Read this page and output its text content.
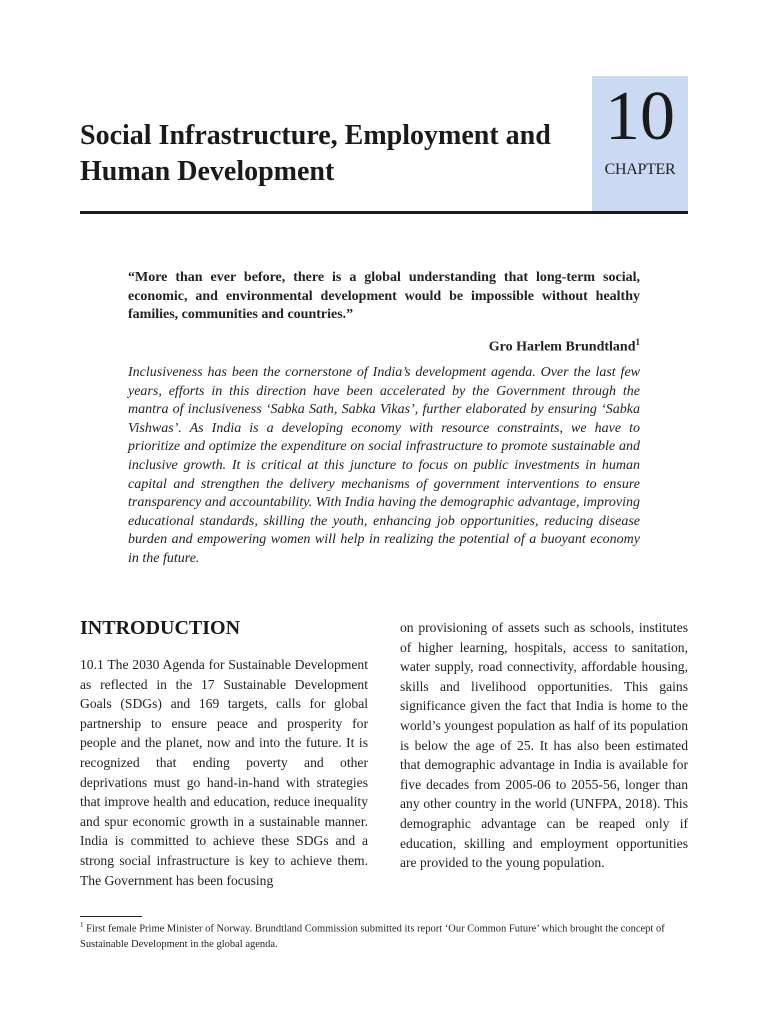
10
CHAPTER
Social Infrastructure, Employment and Human Development
“More than ever before, there is a global understanding that long-term social, economic, and environmental development would be impossible without healthy families, communities and countries.”
Gro Harlem Brundtland$^1$
Inclusiveness has been the cornerstone of India’s development agenda. Over the last few years, efforts in this direction have been accelerated by the Government through the mantra of inclusiveness ‘Sabka Sath, Sabka Vikas’, further elaborated by ensuring ‘Sabka Vishwas’. As India is a developing economy with resource constraints, we have to prioritize and optimize the expenditure on social infrastructure to promote sustainable and inclusive growth. It is critical at this juncture to focus on public investments in human capital and strengthen the delivery mechanisms of government interventions to ensure transparency and accountability. With India having the demographic advantage, improving educational standards, skilling the youth, enhancing job opportunities, reducing disease burden and empowering women will help in realizing the potential of a buoyant economy in the future.
INTRODUCTION
10.1 The 2030 Agenda for Sustainable Development as reflected in the 17 Sustainable Development Goals (SDGs) and 169 targets, calls for global partnership to ensure peace and prosperity for people and the planet, now and into the future. It is recognized that ending poverty and other deprivations must go hand-in-hand with strategies that improve health and education, reduce inequality and spur economic growth in a sustainable manner. India is committed to achieve these SDGs and a strong social infrastructure is key to achieve them. The Government has been focusing
on provisioning of assets such as schools, institutes of higher learning, hospitals, access to sanitation, water supply, road connectivity, affordable housing, skills and livelihood opportunities. This gains significance given the fact that India is home to the world’s youngest population as half of its population is below the age of 25. It has also been estimated that demographic advantage in India is available for five decades from 2005-06 to 2055-56, longer than any other country in the world (UNFPA, 2018). This demographic advantage can be reaped only if education, skilling and employment opportunities are provided to the young population.
$^1$ First female Prime Minister of Norway. Brundtland Commission submitted its report ‘Our Common Future’ which brought the concept of Sustainable Development in the global agenda.
